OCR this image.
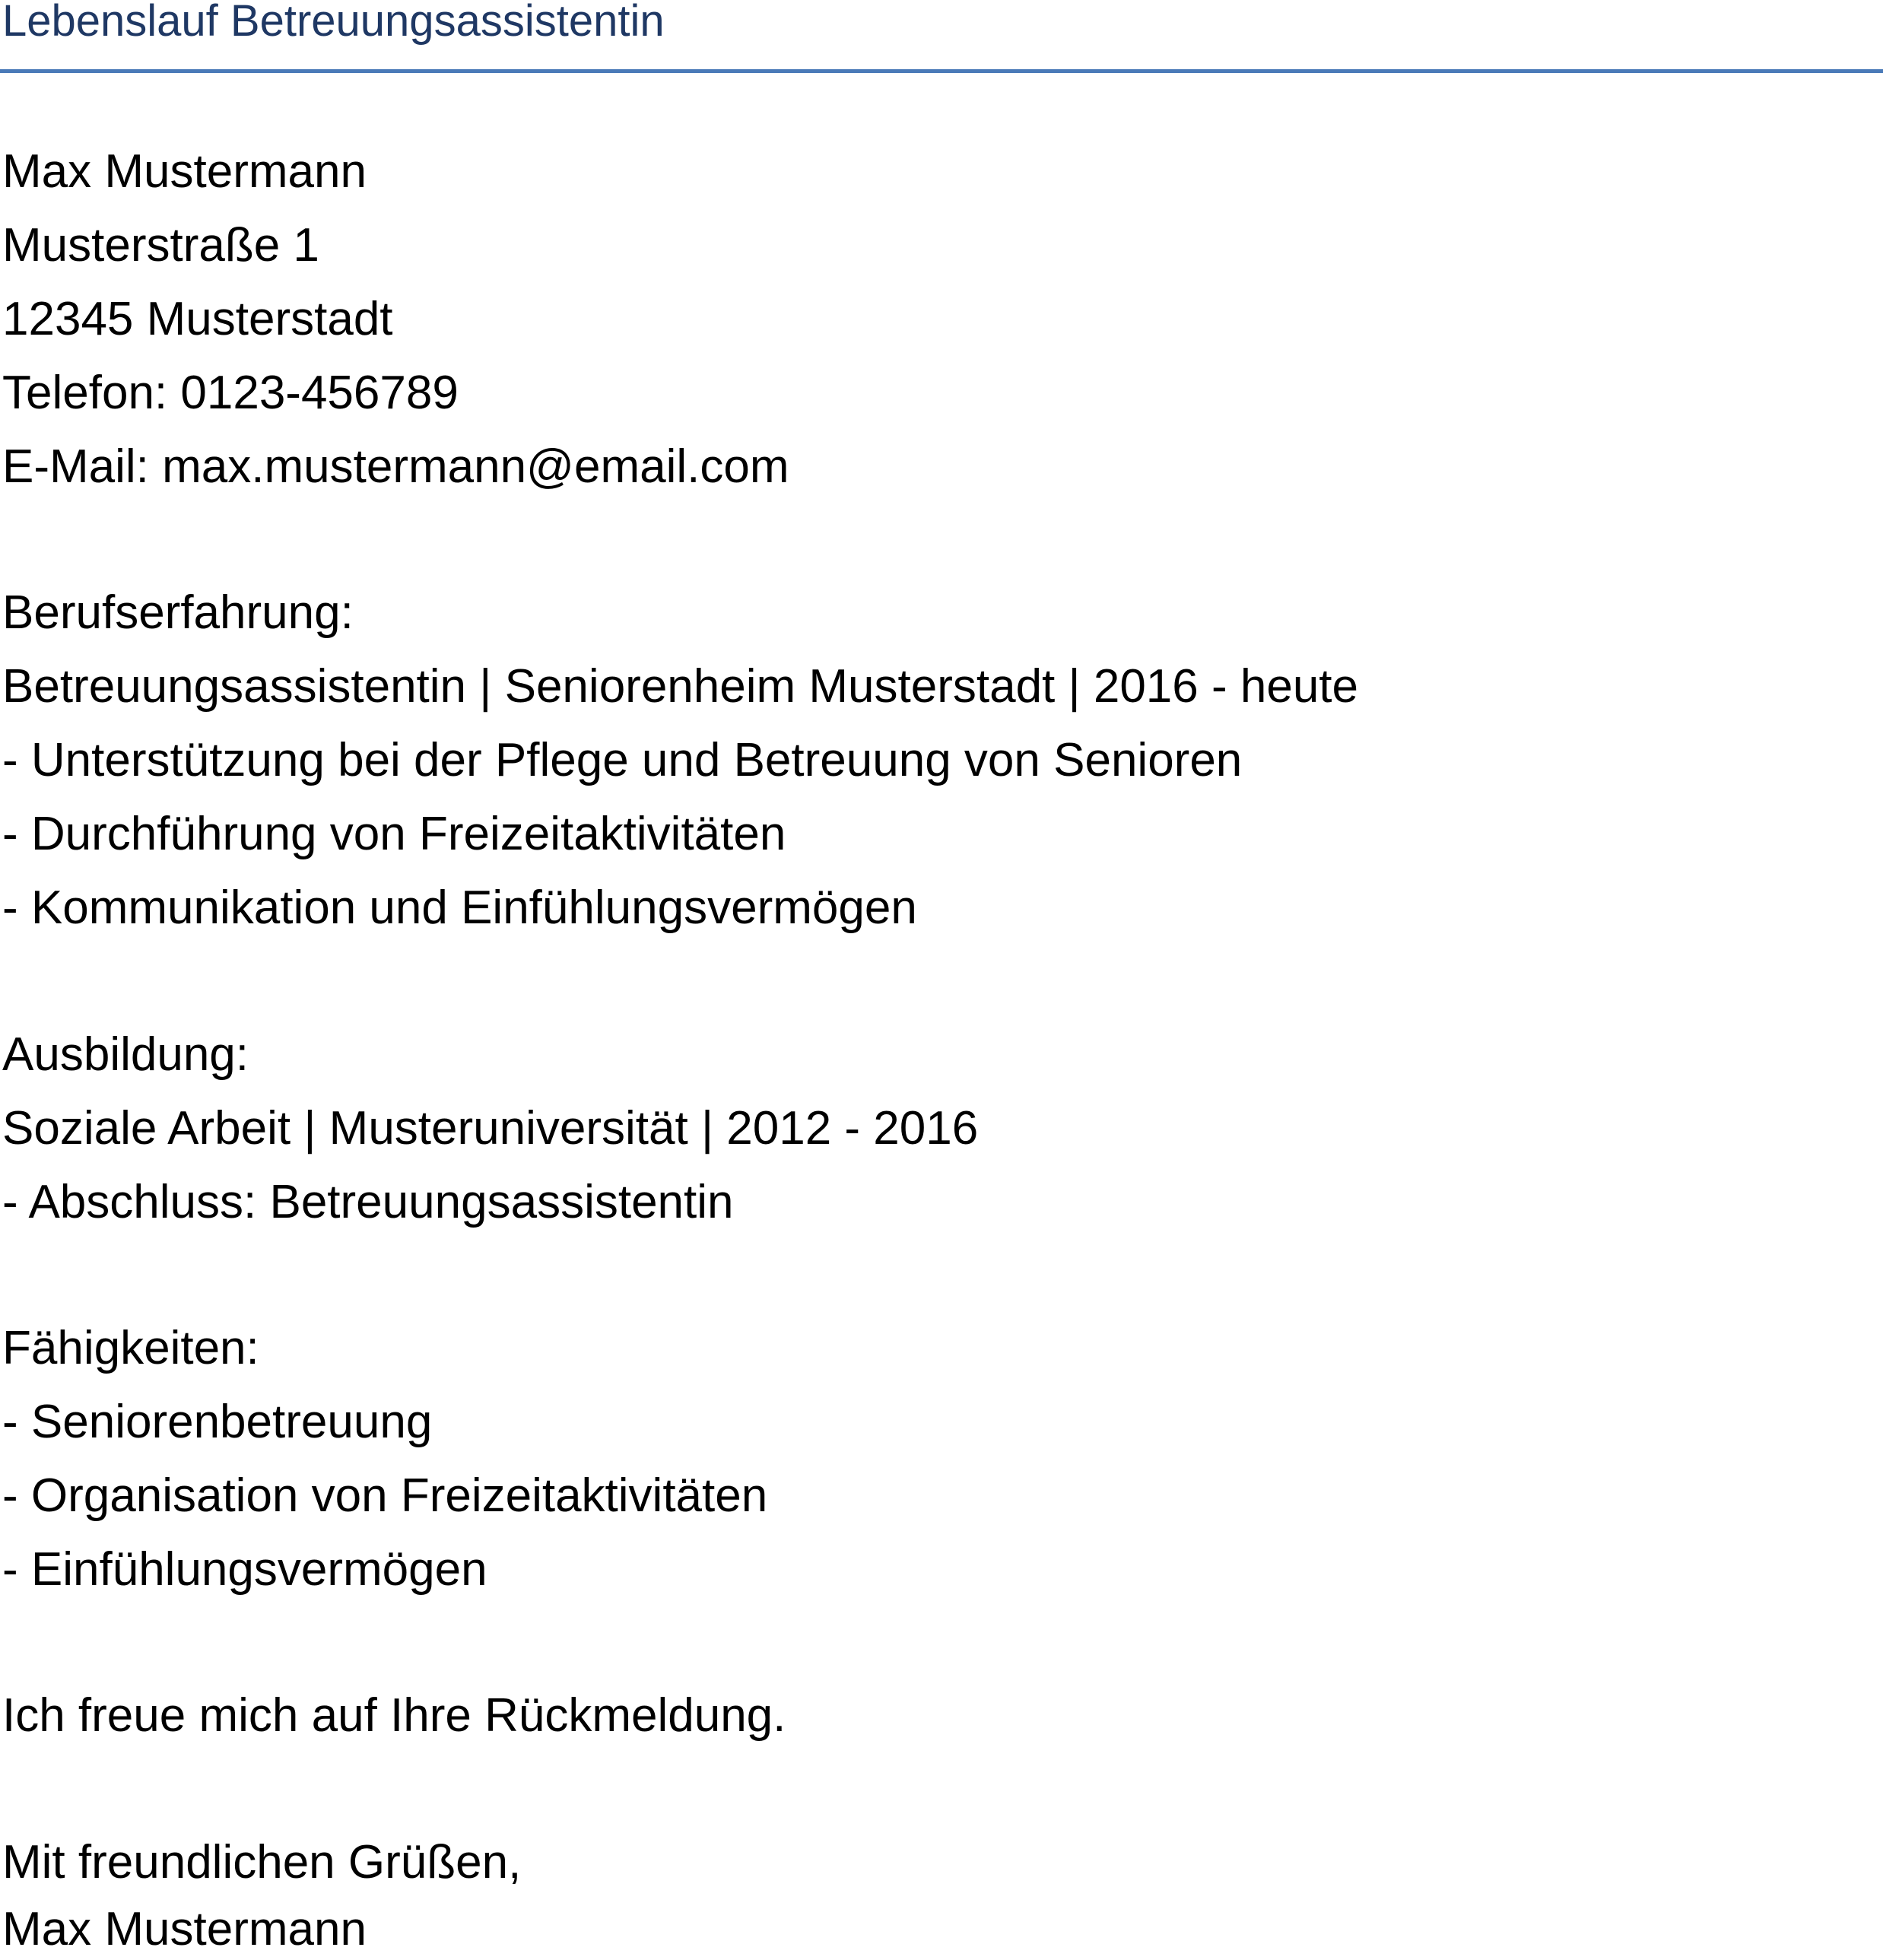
Lebenslauf Betreuungsassistentin

Max Mustermann

Musterstraße 1

12345 Musterstadt

Telefon: 0123-456789

E-Mail: max.mustermann@email.com

Berufserfahrung:

Betreuungsassistentin | Seniorenheim Musterstadt | 2016 - heute

- Unterstützung bei der Pflege und Betreuung von Senioren

- Durchführung von Freizeitaktivitäten

- Kommunikation und Einfühlungsvermögen

Ausbildung:

Soziale Arbeit | Musteruniversität | 2012 - 2016

- Abschluss: Betreuungsassistentin

Fähigkeiten:

- Seniorenbetreuung

- Organisation von Freizeitaktivitäten

- Einfühlungsvermögen

Ich freue mich auf Ihre Rückmeldung.

Mit freundlichen Grüßen,

Max Mustermann
